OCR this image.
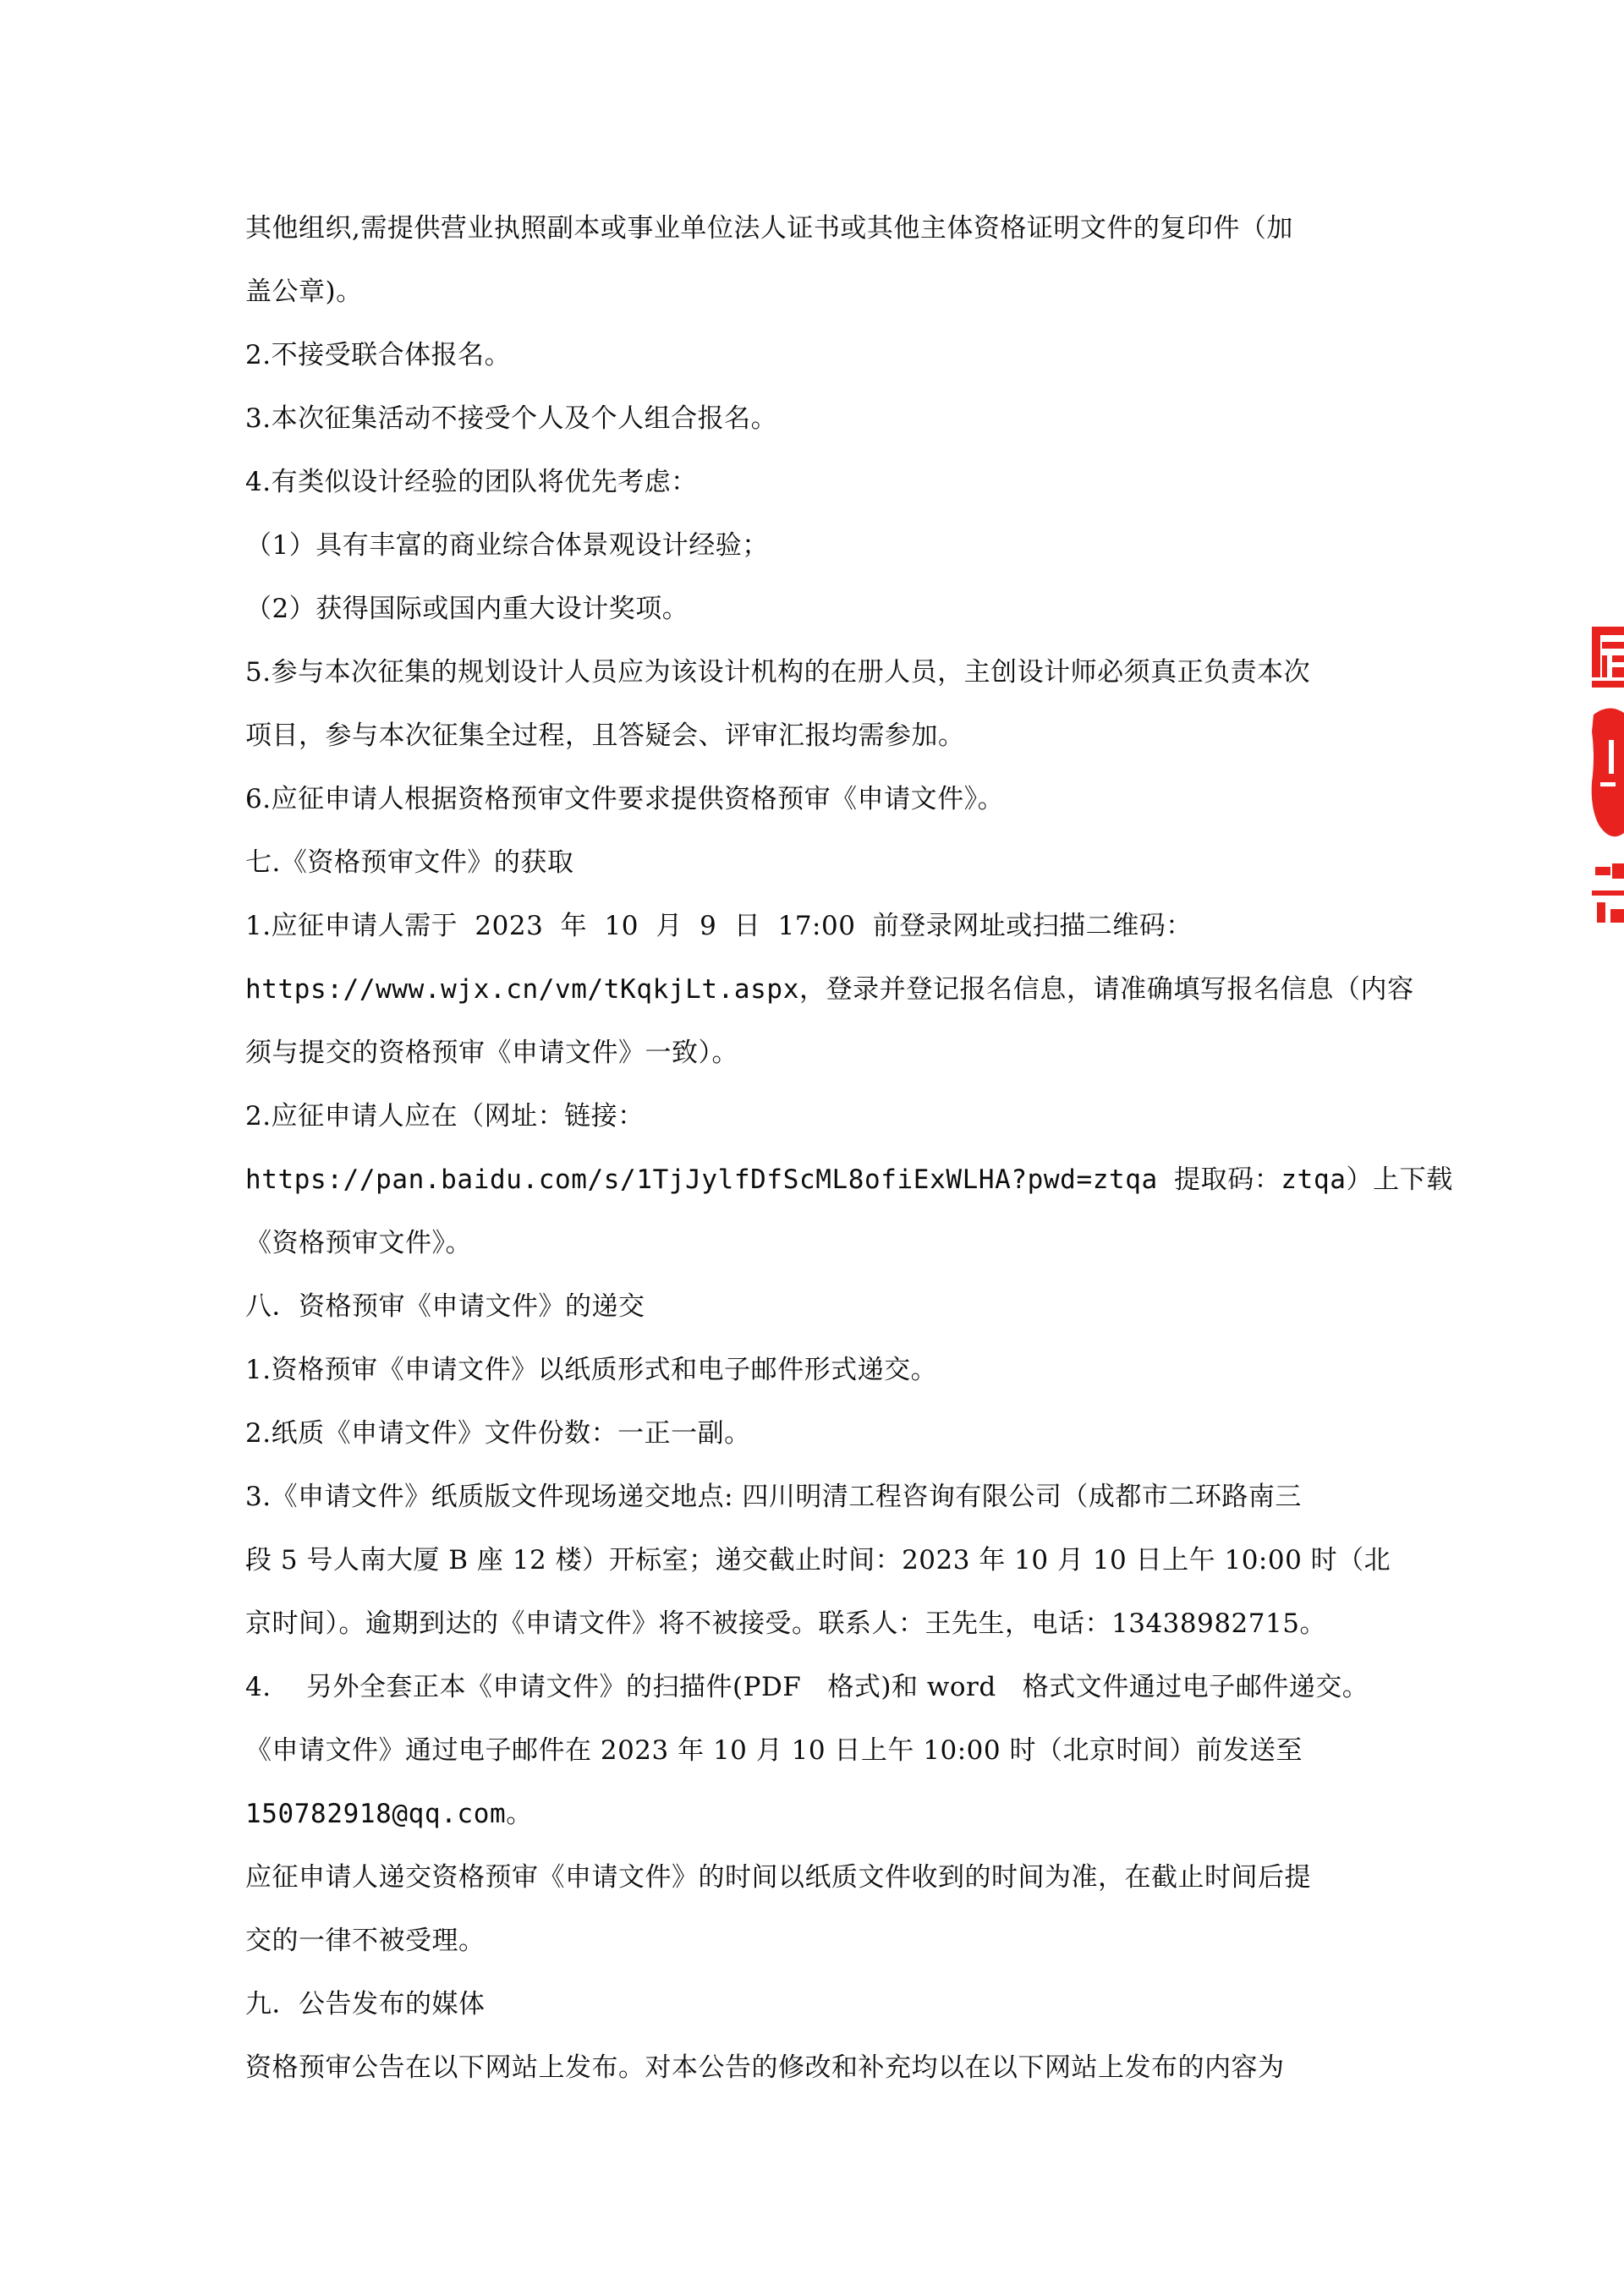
其他组织,需提供营业执照副本或事业单位法人证书或其他主体资格证明文件的复印件（加
盖公章)。
2.不接受联合体报名。
3.本次征集活动不接受个人及个人组合报名。
4.有类似设计经验的团队将优先考虑：
（1）具有丰富的商业综合体景观设计经验；
（2）获得国际或国内重大设计奖项。
5.参与本次征集的规划设计人员应为该设计机构的在册人员，主创设计师必须真正负责本次
项目，参与本次征集全过程，且答疑会、评审汇报均需参加。
6.应征申请人根据资格预审文件要求提供资格预审《申请文件》。
七.《资格预审文件》的获取
1.应征申请人需于 2023 年 10 月 9 日 17:00 前登录网址或扫描二维码：
https://www.wjx.cn/vm/tKqkjLt.aspx，登录并登记报名信息，请准确填写报名信息（内容
须与提交的资格预审《申请文件》一致）。
2.应征申请人应在（网址：链接：
https://pan.baidu.com/s/1TjJylfDfScML8ofiExWLHA?pwd=ztqa 提取码：ztqa）上下载
《资格预审文件》。
八．资格预审《申请文件》的递交
1.资格预审《申请文件》以纸质形式和电子邮件形式递交。
2.纸质《申请文件》文件份数：一正一副。
3.《申请文件》纸质版文件现场递交地点: 四川明清工程咨询有限公司（成都市二环路南三
段 5 号人南大厦 B 座 12 楼）开标室；递交截止时间：2023 年 10 月 10 日上午 10:00 时（北
京时间）。逾期到达的《申请文件》将不被接受。联系人：王先生，电话：13438982715。
4.    另外全套正本《申请文件》的扫描件(PDF   格式)和 word   格式文件通过电子邮件递交。
《申请文件》通过电子邮件在 2023 年 10 月 10 日上午 10:00 时（北京时间）前发送至
150782918@qq.com。
应征申请人递交资格预审《申请文件》的时间以纸质文件收到的时间为准，在截止时间后提
交的一律不被受理。
九．公告发布的媒体
资格预审公告在以下网站上发布。对本公告的修改和补充均以在以下网站上发布的内容为
